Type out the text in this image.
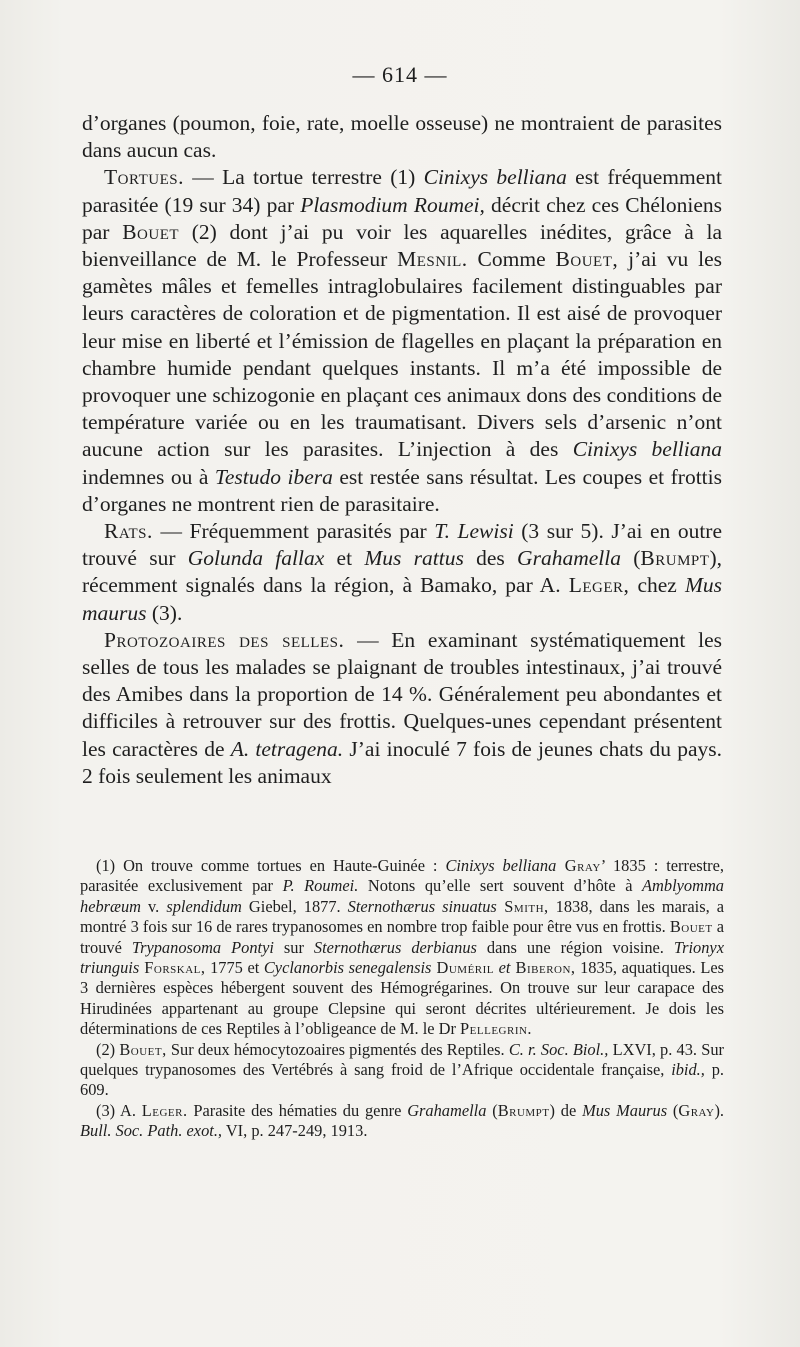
— 614 —

d’organes (poumon, foie, rate, moelle osseuse) ne montraient de parasites dans aucun cas.

Tortues. — La tortue terrestre (1) Cinixys belliana est fréquemment parasitée (19 sur 34) par Plasmodium Roumei, décrit chez ces Chéloniens par Bouet (2) dont j’ai pu voir les aquarelles inédites, grâce à la bienveillance de M. le Professeur Mesnil. Comme Bouet, j’ai vu les gamètes mâles et femelles intraglobulaires facilement distinguables par leurs caractères de coloration et de pigmentation. Il est aisé de provoquer leur mise en liberté et l’émission de flagelles en plaçant la préparation en chambre humide pendant quelques instants. Il m’a été impossible de provoquer une schizogonie en plaçant ces animaux dons des conditions de température variée ou en les traumatisant. Divers sels d’arsenic n’ont aucune action sur les parasites. L’injection à des Cinixys belliana indemnes ou à Testudo ibera est restée sans résultat. Les coupes et frottis d’organes ne montrent rien de parasitaire.

Rats. — Fréquemment parasités par T. Lewisi (3 sur 5). J’ai en outre trouvé sur Golunda fallax et Mus rattus des Grahamella (Brumpt), récemment signalés dans la région, à Bamako, par A. Leger, chez Mus maurus (3).

Protozoaires des selles. — En examinant systématiquement les selles de tous les malades se plaignant de troubles intestinaux, j’ai trouvé des Amibes dans la proportion de 14 %. Généralement peu abondantes et difficiles à retrouver sur des frottis. Quelques-unes cependant présentent les caractères de A. tetragena. J’ai inoculé 7 fois de jeunes chats du pays. 2 fois seulement les animaux

(1) On trouve comme tortues en Haute-Guinée : Cinixys belliana Gray’ 1835 : terrestre, parasitée exclusivement par P. Roumei. Notons qu’elle sert souvent d’hôte à Amblyomma hebræum v. splendidum Giebel, 1877. Sternothærus sinuatus Smith, 1838, dans les marais, a montré 3 fois sur 16 de rares trypanosomes en nombre trop faible pour être vus en frottis. Bouet a trouvé Trypanosoma Pontyi sur Sternothærus derbianus dans une région voisine. Trionyx triunguis Forskal, 1775 et Cyclanorbis senegalensis Duméril et Biberon, 1835, aquatiques. Les 3 dernières espèces hébergent souvent des Hémogrégarines. On trouve sur leur carapace des Hirudinées appartenant au groupe Clepsine qui seront décrites ultérieurement. Je dois les déterminations de ces Reptiles à l’obligeance de M. le Dr Pellegrin.

(2) Bouet, Sur deux hémocytozoaires pigmentés des Reptiles. C. r. Soc. Biol., LXVI, p. 43. Sur quelques trypanosomes des Vertébrés à sang froid de l’Afrique occidentale française, ibid., p. 609.

(3) A. Leger. Parasite des hématies du genre Grahamella (Brumpt) de Mus Maurus (Gray). Bull. Soc. Path. exot., VI, p. 247-249, 1913.
